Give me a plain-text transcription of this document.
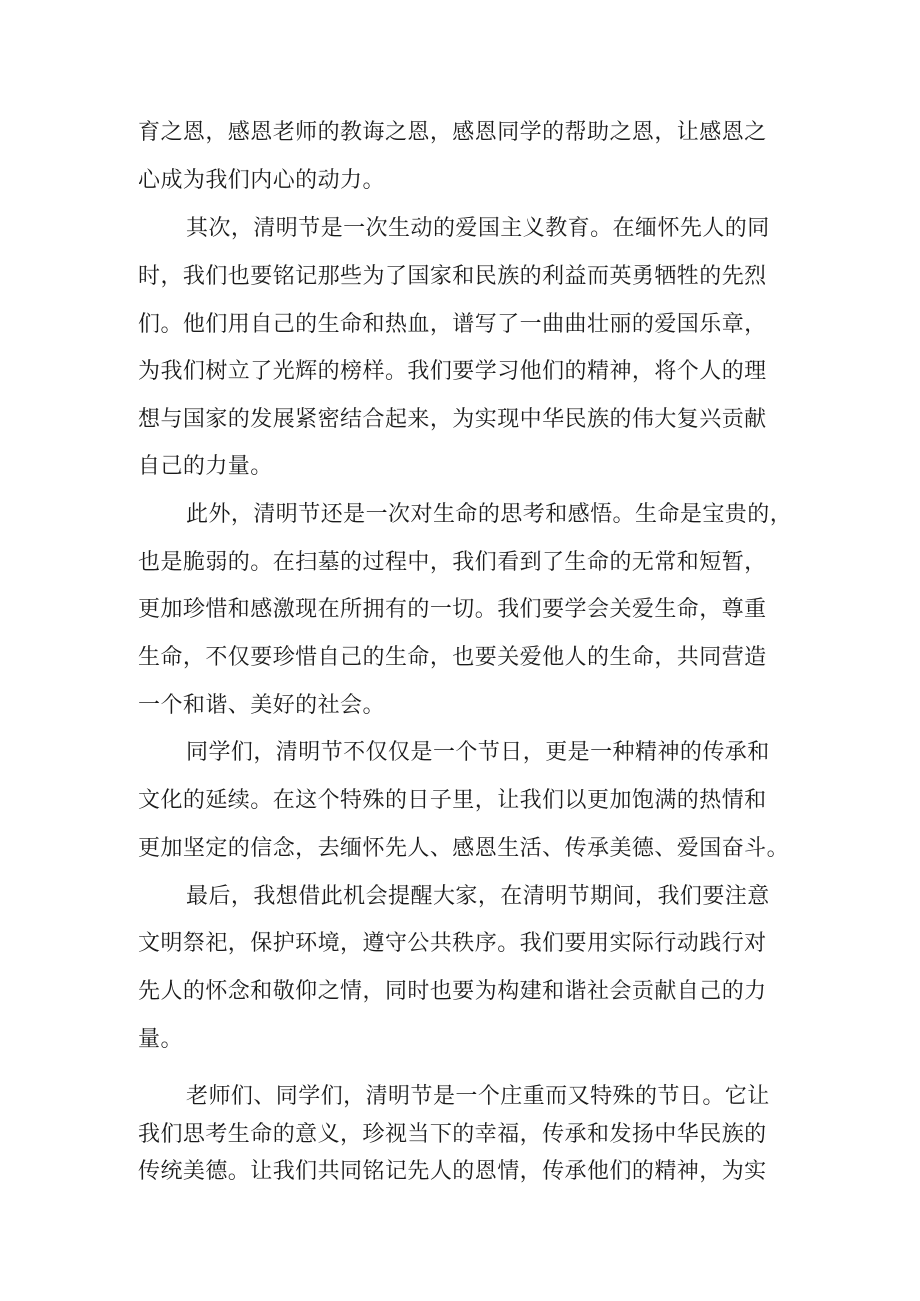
育之恩，感恩老师的教诲之恩，感恩同学的帮助之恩，让感恩之
心成为我们内心的动力。
其次，清明节是一次生动的爱国主义教育。在缅怀先人的同
时，我们也要铭记那些为了国家和民族的利益而英勇牺牲的先烈
们。他们用自己的生命和热血，谱写了一曲曲壮丽的爱国乐章，
为我们树立了光辉的榜样。我们要学习他们的精神，将个人的理
想与国家的发展紧密结合起来，为实现中华民族的伟大复兴贡献
自己的力量。
此外，清明节还是一次对生命的思考和感悟。生命是宝贵的，
也是脆弱的。在扫墓的过程中，我们看到了生命的无常和短暂，
更加珍惜和感激现在所拥有的一切。我们要学会关爱生命，尊重
生命，不仅要珍惜自己的生命，也要关爱他人的生命，共同营造
一个和谐、美好的社会。
同学们，清明节不仅仅是一个节日，更是一种精神的传承和
文化的延续。在这个特殊的日子里，让我们以更加饱满的热情和
更加坚定的信念，去缅怀先人、感恩生活、传承美德、爱国奋斗。
最后，我想借此机会提醒大家，在清明节期间，我们要注意
文明祭祀，保护环境，遵守公共秩序。我们要用实际行动践行对
先人的怀念和敬仰之情，同时也要为构建和谐社会贡献自己的力
量。
老师们、同学们，清明节是一个庄重而又特殊的节日。它让
我们思考生命的意义，珍视当下的幸福，传承和发扬中华民族的
传统美德。让我们共同铭记先人的恩情，传承他们的精神，为实
